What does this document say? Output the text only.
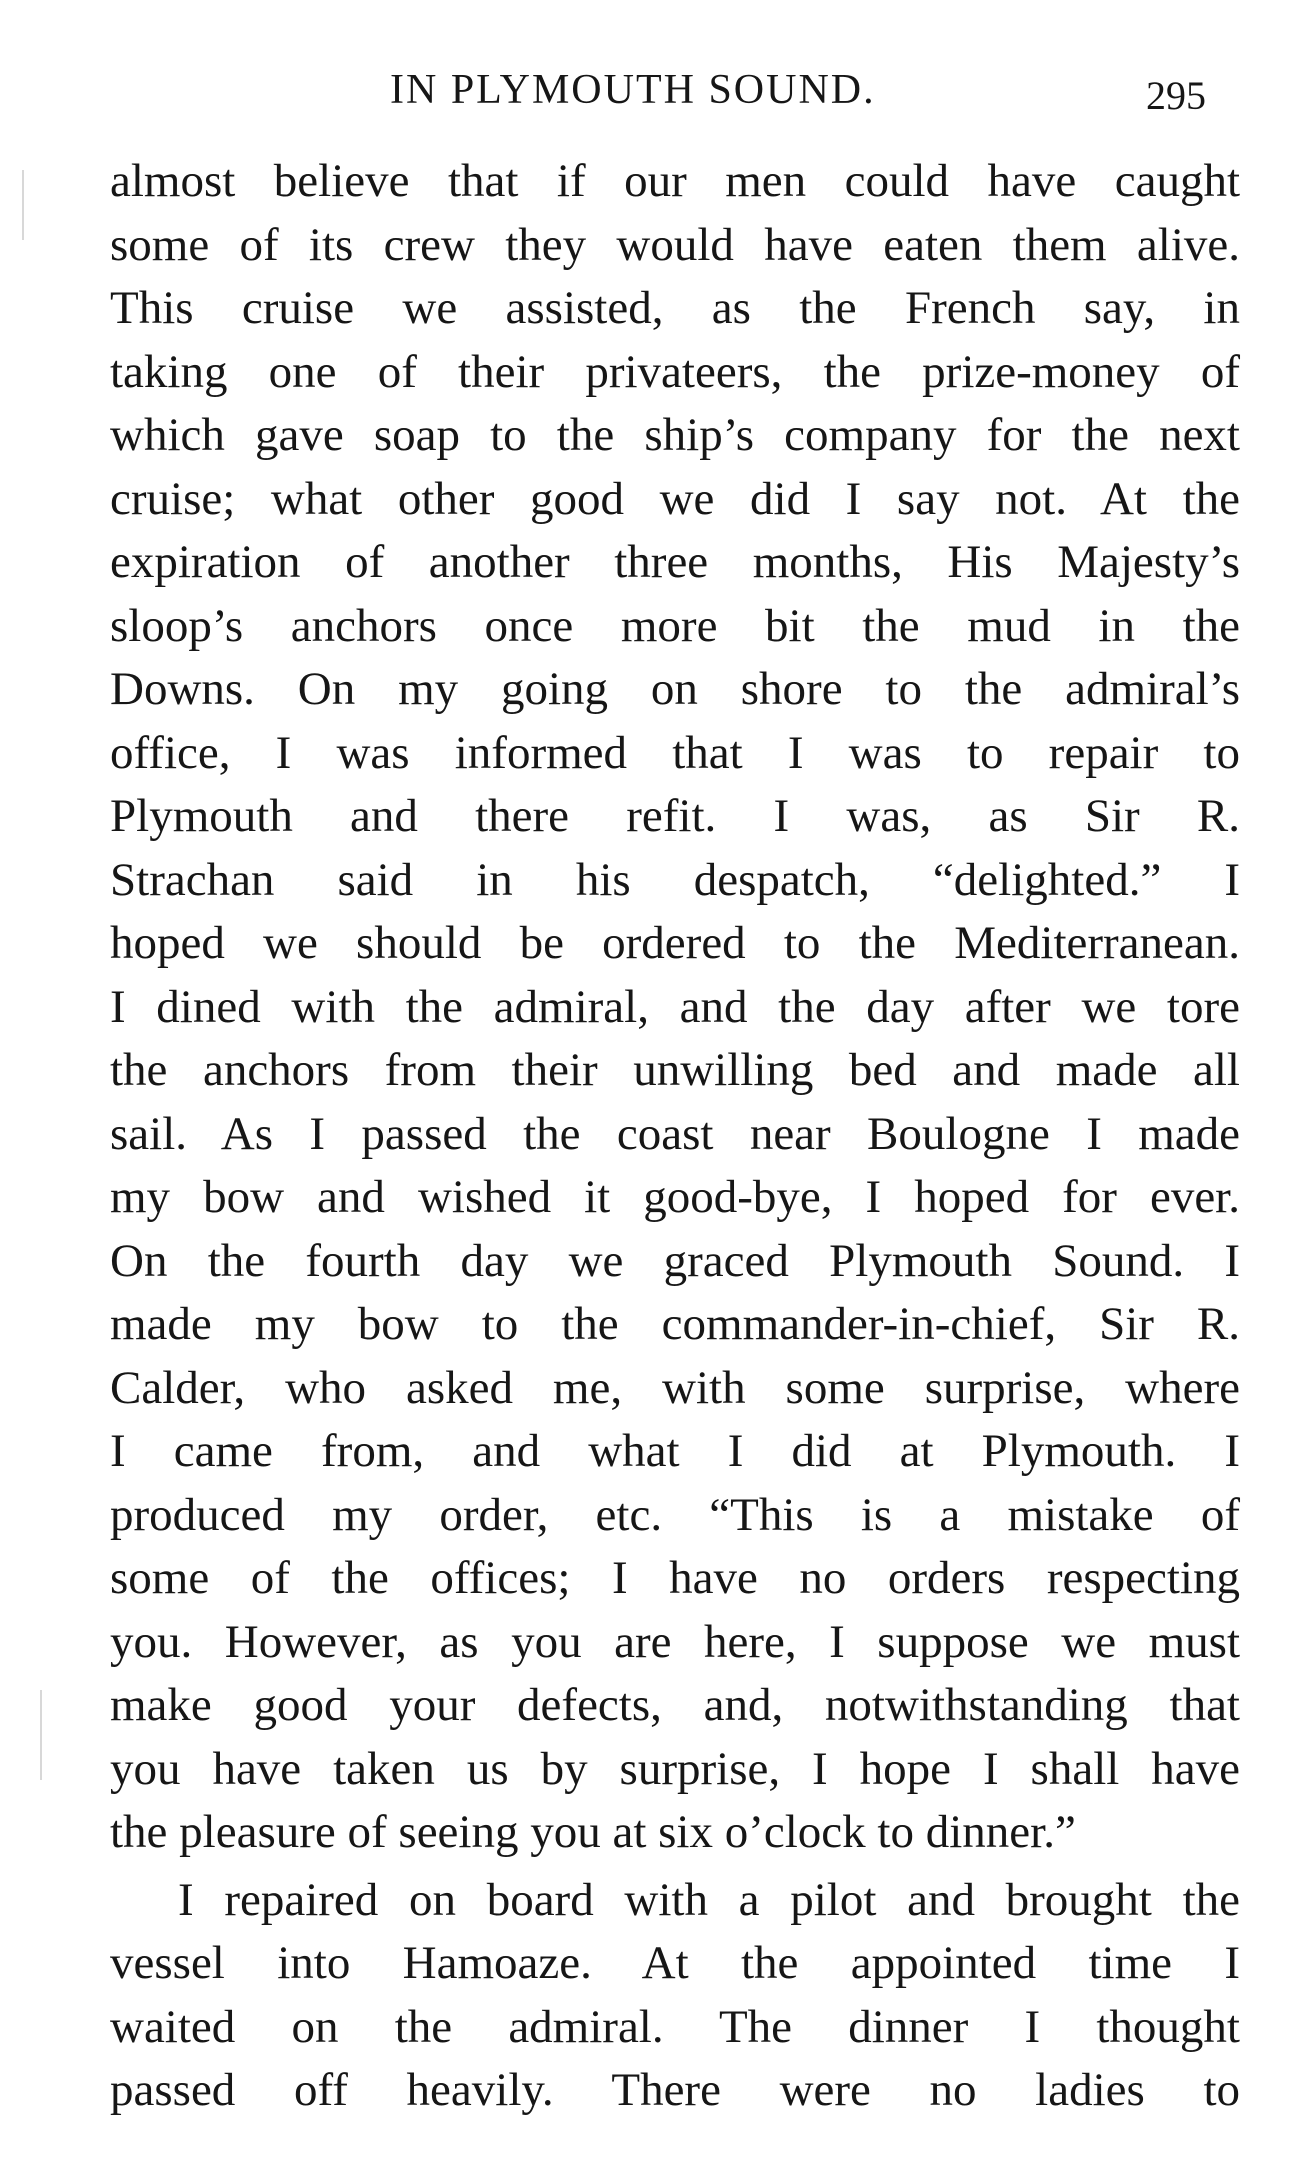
IN PLYMOUTH SOUND.	295
almost believe that if our men could have caught
some of its crew they would have eaten them alive.
This cruise we assisted, as the French say, in
taking one of their privateers, the prize-money of
which gave soap to the ship’s company for the next
cruise; what other good we did I say not. At the
expiration of another three months, His Majesty’s
sloop’s anchors once more bit the mud in the
Downs. On my going on shore to the admiral’s
office, I was informed that I was to repair to
Plymouth and there refit. I was, as Sir R.
Strachan said in his despatch, “delighted.” I
hoped we should be ordered to the Mediterranean.
I dined with the admiral, and the day after we tore
the anchors from their unwilling bed and made all
sail. As I passed the coast near Boulogne I made
my bow and wished it good-bye, I hoped for ever.
On the fourth day we graced Plymouth Sound. I
made my bow to the commander-in-chief, Sir R.
Calder, who asked me, with some surprise, where
I came from, and what I did at Plymouth. I
produced my order, etc. “This is a mistake of
some of the offices; I have no orders respecting
you. However, as you are here, I suppose we must
make good your defects, and, notwithstanding that
you have taken us by surprise, I hope I shall have
the pleasure of seeing you at six o’clock to dinner.”
I repaired on board with a pilot and brought the
vessel into Hamoaze. At the appointed time I
waited on the admiral. The dinner I thought
passed off heavily. There were no ladies to
